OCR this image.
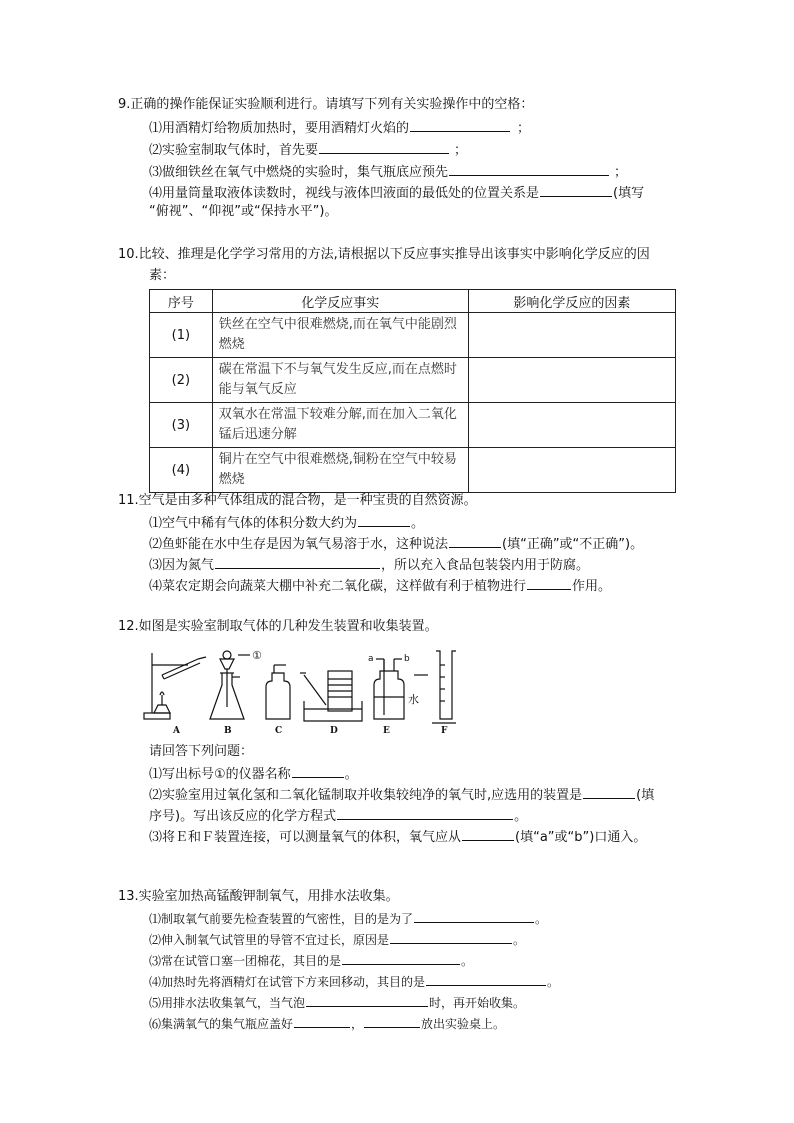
9.正确的操作能保证实验顺利进行。请填写下列有关实验操作中的空格：
⑴用酒精灯给物质加热时，要用酒精灯火焰的	；
⑵实验室制取气体时，首先要	；
⑶做细铁丝在氧气中燃烧的实验时，集气瓶底应预先	；
⑷用量筒量取液体读数时，视线与液体凹液面的最低处的位置关系是	(填写
“俯视”、“仰视”或“保持水平”)。
10.比较、推理是化学学习常用的方法,请根据以下反应事实推导出该事实中影响化学反应的因
素：
序号	化学反应事实	影响化学反应的因素
(1)	铁丝在空气中很难燃烧,而在氧气中能剧烈燃烧	
(2)	碳在常温下不与氧气发生反应,而在点燃时能与氧气反应	
(3)	双氧水在常温下较难分解,而在加入二氧化锰后迅速分解	
(4)	铜片在空气中很难燃烧,铜粉在空气中较易燃烧	
11.空气是由多种气体组成的混合物，是一种宝贵的自然资源。
⑴空气中稀有气体的体积分数大约为	。
⑵鱼虾能在水中生存是因为氧气易溶于水，这种说法	(填“正确”或“不正确”)。
⑶因为氮气	，所以充入食品包装袋内用于防腐。
⑷菜农定期会向蔬菜大棚中补充二氧化碳，这样做有利于植物进行	作用。
12.如图是实验室制取气体的几种发生装置和收集装置。
A	B	C	D	E	F
①	a	b
水
请回答下列问题：
⑴写出标号①的仪器名称	。
⑵实验室用过氧化氢和二氧化锰制取并收集较纯净的氧气时,应选用的装置是	(填
序号)。写出该反应的化学方程式	。
⑶将Ｅ和Ｆ装置连接，可以测量氧气的体积，氧气应从	(填“a”或“b”)口通入。
13.实验室加热高锰酸钾制氧气，用排水法收集。
⑴制取氧气前要先检查装置的气密性，目的是为了	。
⑵伸入制氧气试管里的导管不宜过长，原因是	。
⑶常在试管口塞一团棉花，其目的是	。
⑷加热时先将酒精灯在试管下方来回移动，其目的是	。
⑸用排水法收集氧气，当气泡	时，再开始收集。
⑹集满氧气的集气瓶应盖好	，	放出实验桌上。
